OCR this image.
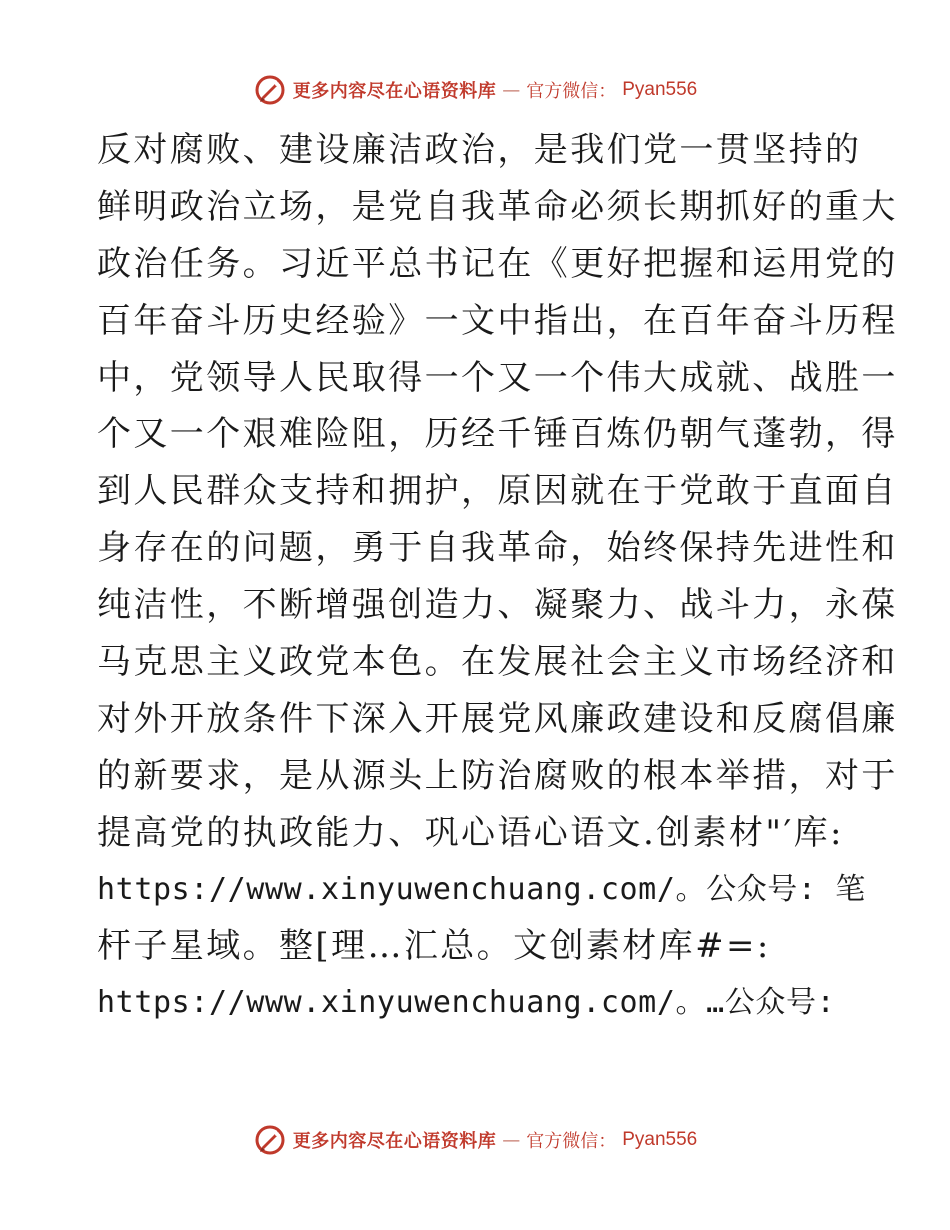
更多内容尽在心语资料库 — 官方微信： Pyan556
反对腐败、建设廉洁政治，是我们党一贯坚持的
鲜明政治立场，是党自我革命必须长期抓好的重大
政治任务。习近平总书记在《更好把握和运用党的
百年奋斗历史经验》一文中指出，在百年奋斗历程
中，党领导人民取得一个又一个伟大成就、战胜一
个又一个艰难险阻，历经千锤百炼仍朝气蓬勃，得
到人民群众支持和拥护，原因就在于党敢于直面自
身存在的问题，勇于自我革命，始终保持先进性和
纯洁性，不断增强创造力、凝聚力、战斗力，永葆
马克思主义政党本色。在发展社会主义市场经济和
对外开放条件下深入开展党风廉政建设和反腐倡廉
的新要求，是从源头上防治腐败的根本举措，对于
提高党的执政能力、巩心语心语文.创素材"′库:
https://www.xinyuwenchuang.com/。公众号: 笔
杆子星域。整[理…汇总。文创素材库#=:
https://www.xinyuwenchuang.com/。…公众号:
更多内容尽在心语资料库 — 官方微信： Pyan556
